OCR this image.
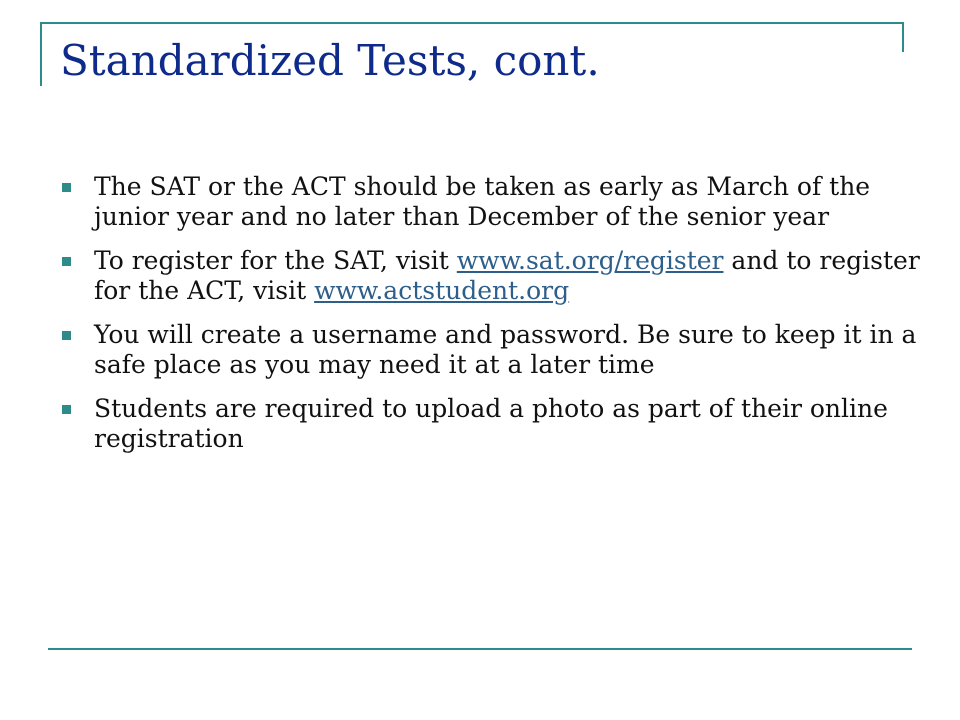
Standardized Tests, cont.
The SAT or the ACT should be taken as early as March of the junior year and no later than December of the senior year
To register for the SAT, visit www.sat.org/register and to register for the ACT, visit www.actstudent.org
You will create a username and password. Be sure to keep it in a safe place as you may need it at a later time
Students are required to upload a photo as part of their online registration
